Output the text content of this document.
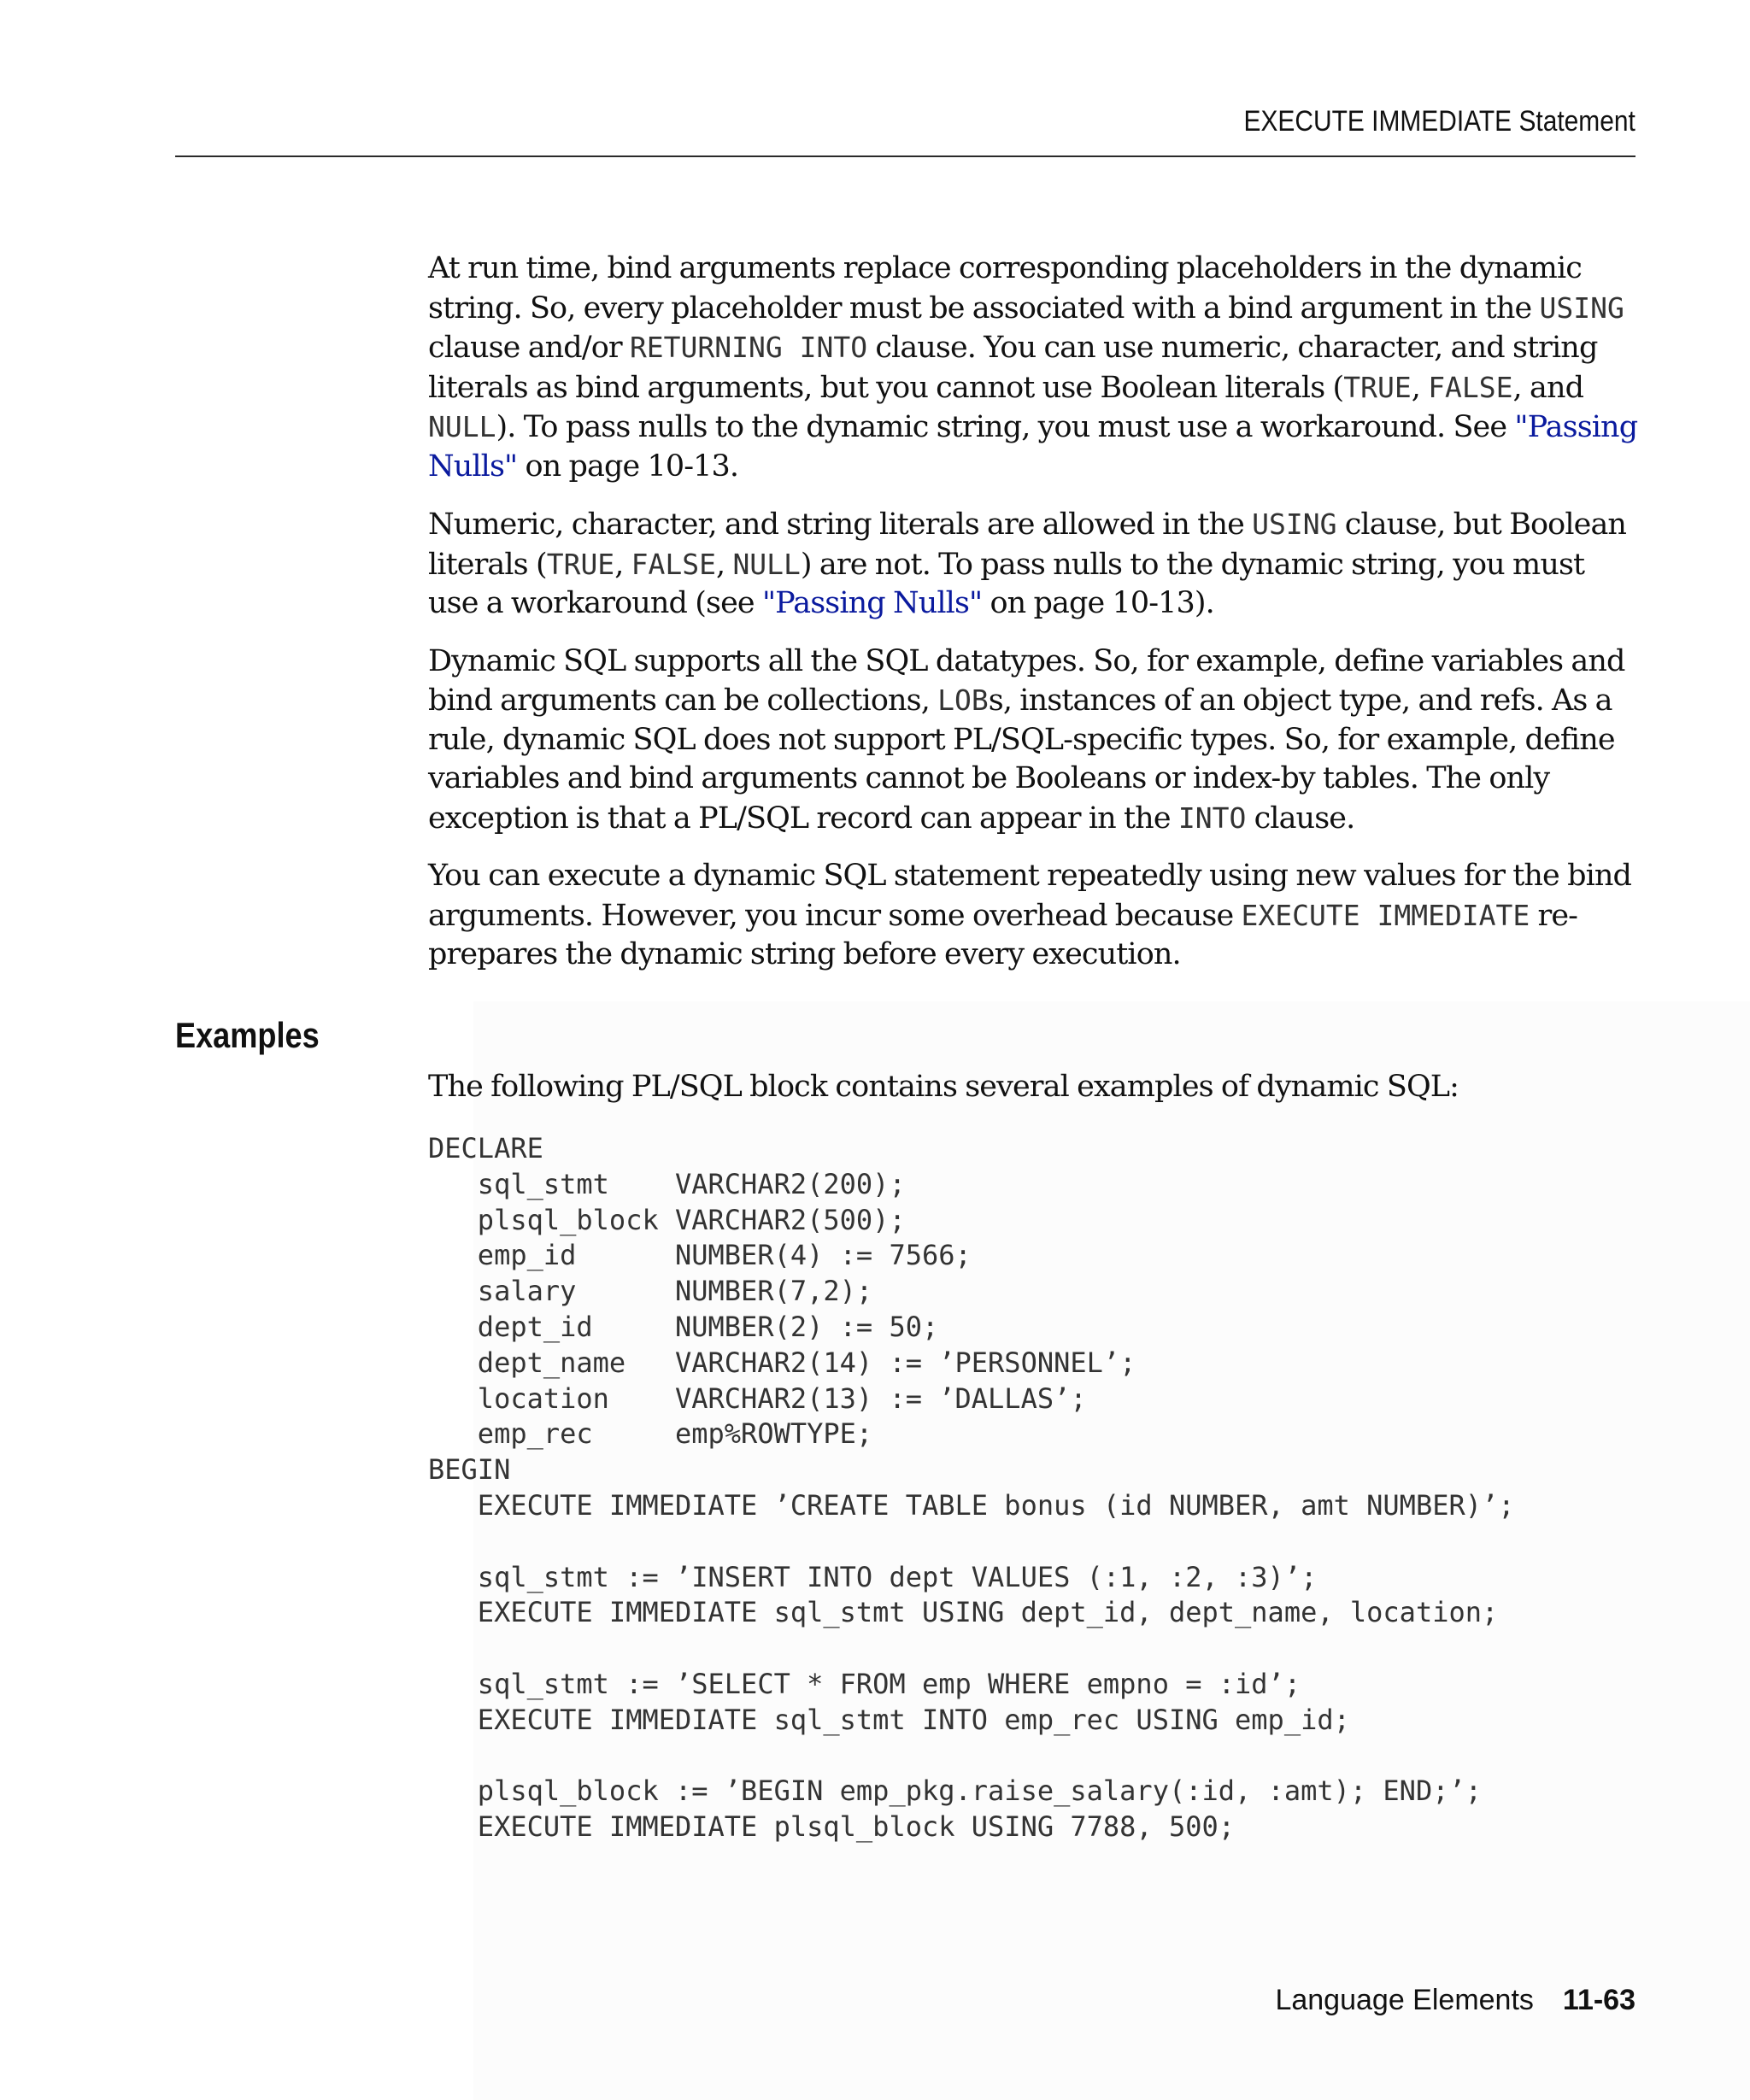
EXECUTE IMMEDIATE Statement

At run time, bind arguments replace corresponding placeholders in the dynamic string. So, every placeholder must be associated with a bind argument in the USING clause and/or RETURNING INTO clause. You can use numeric, character, and string literals as bind arguments, but you cannot use Boolean literals (TRUE, FALSE, and NULL). To pass nulls to the dynamic string, you must use a workaround. See "Passing Nulls" on page 10-13.

Numeric, character, and string literals are allowed in the USING clause, but Boolean literals (TRUE, FALSE, NULL) are not. To pass nulls to the dynamic string, you must use a workaround (see "Passing Nulls" on page 10-13).

Dynamic SQL supports all the SQL datatypes. So, for example, define variables and bind arguments can be collections, LOBs, instances of an object type, and refs. As a rule, dynamic SQL does not support PL/SQL-specific types. So, for example, define variables and bind arguments cannot be Booleans or index-by tables. The only exception is that a PL/SQL record can appear in the INTO clause.

You can execute a dynamic SQL statement repeatedly using new values for the bind arguments. However, you incur some overhead because EXECUTE IMMEDIATE re-prepares the dynamic string before every execution.

Examples

The following PL/SQL block contains several examples of dynamic SQL:

DECLARE
sql_stmt    VARCHAR2(200);
plsql_block VARCHAR2(500);
emp_id      NUMBER(4) := 7566;
salary      NUMBER(7,2);
dept_id     NUMBER(2) := 50;
dept_name   VARCHAR2(14) := ’PERSONNEL’;
location    VARCHAR2(13) := ’DALLAS’;
emp_rec     emp%ROWTYPE;
BEGIN
EXECUTE IMMEDIATE ’CREATE TABLE bonus (id NUMBER, amt NUMBER)’;

sql_stmt := ’INSERT INTO dept VALUES (:1, :2, :3)’;
EXECUTE IMMEDIATE sql_stmt USING dept_id, dept_name, location;

sql_stmt := ’SELECT * FROM emp WHERE empno = :id’;
EXECUTE IMMEDIATE sql_stmt INTO emp_rec USING emp_id;

plsql_block := ’BEGIN emp_pkg.raise_salary(:id, :amt); END;’;
EXECUTE IMMEDIATE plsql_block USING 7788, 500;
Language Elements 11-63
